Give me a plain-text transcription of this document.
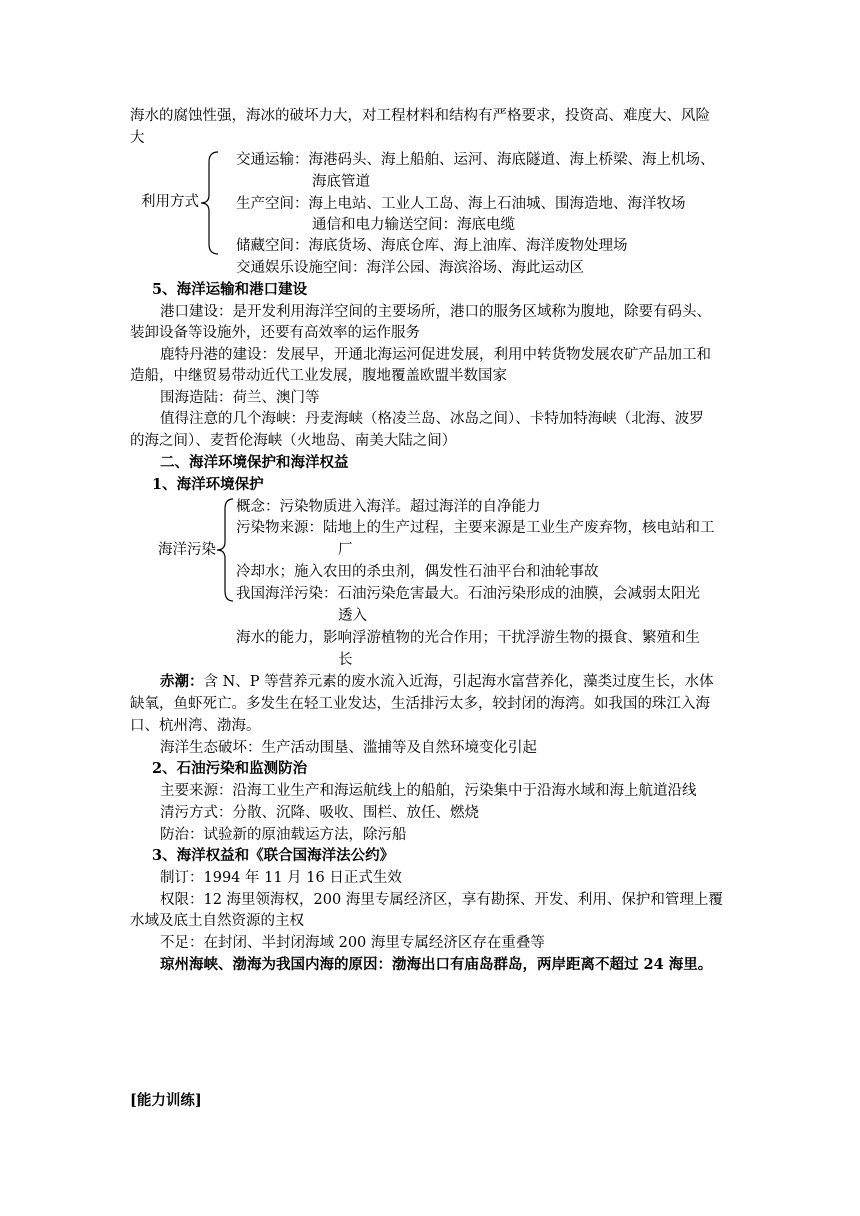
海水的腐蚀性强，海冰的破坏力大，对工程材料和结构有严格要求，投资高、难度大、风险
大
利用方式
交通运输：海港码头、海上船舶、运河、海底隧道、海上桥梁、海上机场、
海底管道
生产空间：海上电站、工业人工岛、海上石油城、围海造地、海洋牧场
通信和电力输送空间：海底电缆
储藏空间：海底货场、海底仓库、海上油库、海洋废物处理场
交通娱乐设施空间：海洋公园、海滨浴场、海此运动区
5、海洋运输和港口建设
港口建设：是开发利用海洋空间的主要场所，港口的服务区域称为腹地，除要有码头、
装卸设备等设施外，还要有高效率的运作服务
鹿特丹港的建设：发展早，开通北海运河促进发展，利用中转货物发展农矿产品加工和
造船，中继贸易带动近代工业发展，腹地覆盖欧盟半数国家
围海造陆：荷兰、澳门等
值得注意的几个海峡：丹麦海峡（格凌兰岛、冰岛之间）、卡特加特海峡（北海、波罗
的海之间）、麦哲伦海峡（火地岛、南美大陆之间）
二、海洋环境保护和海洋权益
1、海洋环境保护
海洋污染
概念：污染物质进入海洋。超过海洋的自净能力
污染物来源：陆地上的生产过程，主要来源是工业生产废弃物，核电站和工
厂
冷却水；施入农田的杀虫剂，偶发性石油平台和油轮事故
我国海洋污染：石油污染危害最大。石油污染形成的油膜，会减弱太阳光
透入
海水的能力，影响浮游植物的光合作用；干扰浮游生物的摄食、繁殖和生
长
赤潮：含 N、P 等营养元素的废水流入近海，引起海水富营养化，藻类过度生长，水体
缺氧，鱼虾死亡。多发生在轻工业发达，生活排污太多，较封闭的海湾。如我国的珠江入海
口、杭州湾、渤海。
海洋生态破坏：生产活动围垦、滥捕等及自然环境变化引起
2、石油污染和监测防治
主要来源：沿海工业生产和海运航线上的船舶，污染集中于沿海水域和海上航道沿线
清污方式：分散、沉降、吸收、围栏、放任、燃烧
防治：试验新的原油载运方法，除污船
3、海洋权益和《联合国海洋法公约》
制订：1994 年 11 月 16 日正式生效
权限：12 海里领海权，200 海里专属经济区，享有勘探、开发、利用、保护和管理上覆
水域及底土自然资源的主权
不足：在封闭、半封闭海域 200 海里专属经济区存在重叠等
琼州海峡、渤海为我国内海的原因：渤海出口有庙岛群岛，两岸距离不超过 24 海里。
[能力训练]
